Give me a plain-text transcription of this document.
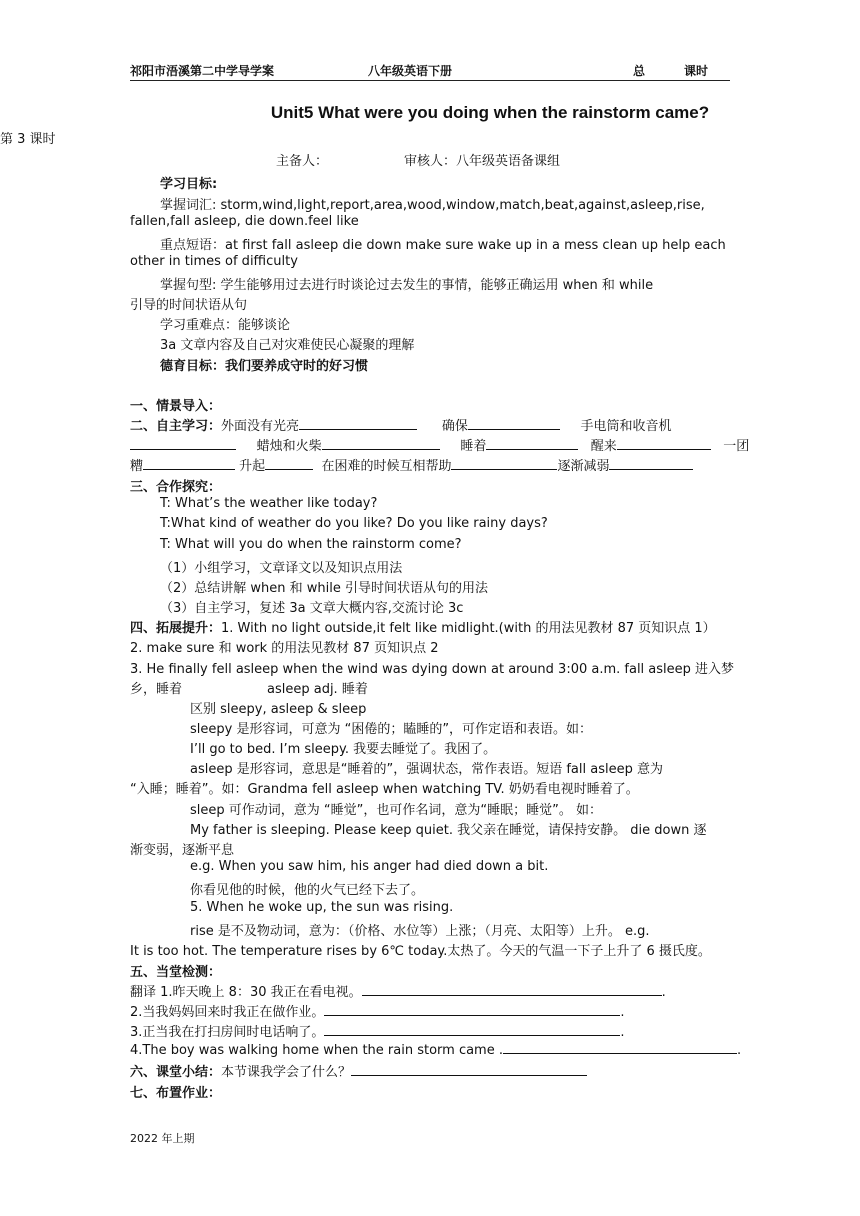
祁阳市浯溪第二中学导学案	八年级英语下册	总	课时
Unit5 What were you doing when the rainstorm came?
第 3 课时
主备人：	审核人：八年级英语备课组
学习目标:
掌握词汇: storm,wind,light,report,area,wood,window,match,beat,against,asleep,rise,
fallen,fall asleep, die down.feel like
重点短语：at first fall asleep die down make sure wake up in a mess clean up help each
other in times of difficulty
掌握句型: 学生能够用过去进行时谈论过去发生的事情，能够正确运用 when 和 while
引导的时间状语从句
学习重难点：能够谈论
3a 文章内容及自己对灾难使民心凝聚的理解
德育目标：我们要养成守时的好习惯
一、情景导入：
二、自主学习：外面没有光亮	确保	手电筒和收音机
蜡烛和火柴	睡着	醒来	一团
糟	升起	在困难的时候互相帮助	逐渐减弱
三、合作探究：
T: What’s the weather like today?
T:What kind of weather do you like? Do you like rainy days?
T: What will you do when the rainstorm come?
（1）小组学习，文章译文以及知识点用法
（2）总结讲解 when 和 while 引导时间状语从句的用法
（3）自主学习，复述 3a 文章大概内容,交流讨论 3c
四、拓展提升：1. With no light outside,it felt like midlight.(with 的用法见教材 87 页知识点 1）
2. make sure 和 work 的用法见教材 87 页知识点 2
3. He finally fell asleep when the wind was dying down at around 3:00 a.m. fall asleep 进入梦
乡，睡着	asleep adj. 睡着
区别 sleepy, asleep & sleep
sleepy 是形容词，可意为 “困倦的；瞌睡的”，可作定语和表语。如：
I’ll go to bed. I’m sleepy. 我要去睡觉了。我困了。
asleep 是形容词，意思是“睡着的”，强调状态，常作表语。短语 fall asleep 意为
“入睡；睡着”。如：Grandma fell asleep when watching TV. 奶奶看电视时睡着了。
sleep 可作动词，意为 “睡觉”，也可作名词，意为“睡眠；睡觉”。 如：
My father is sleeping. Please keep quiet. 我父亲在睡觉，请保持安静。 die down 逐
渐变弱，逐渐平息
e.g. When you saw him, his anger had died down a bit.
你看见他的时候，他的火气已经下去了。
5. When he woke up, the sun was rising.
rise 是不及物动词，意为：（价格、水位等）上涨；（月亮、太阳等）上升。 e.g.
It is too hot. The temperature rises by 6℃ today.太热了。今天的气温一下子上升了 6 摄氏度。
五、当堂检测：
翻译 1.昨天晚上 8：30 我正在看电视。	.
2.当我妈妈回来时我正在做作业。	.
3.正当我在打扫房间时电话响了。	.
4.The boy was walking home when the rain storm came .	.
六、课堂小结：本节课我学会了什么？
七、布置作业：
2022 年上期
